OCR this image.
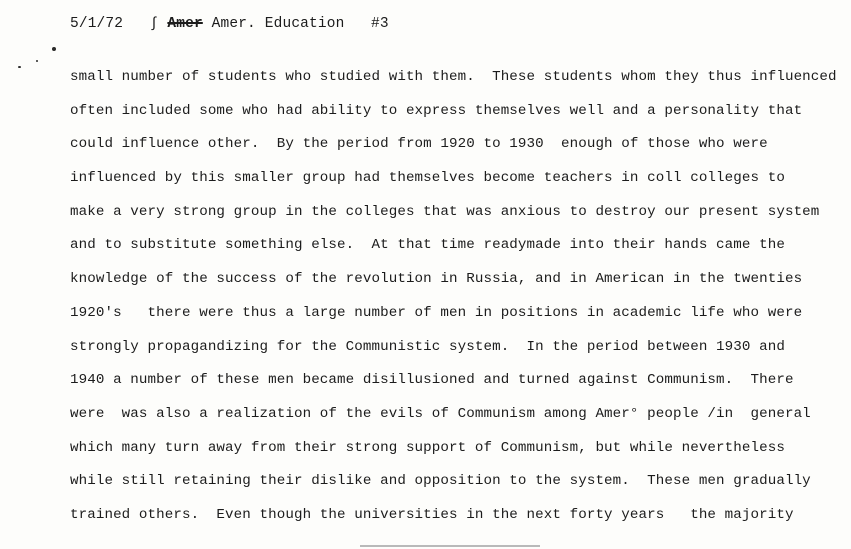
5/1/72 ∫ Amer Amer. Education #3
small number of students who studied with them.  These students whom they thus influenced
often included some who had ability to express themselves well and a personality that
could influence other.  By the period from 1920 to 1930  enough of those who were
influenced by this smaller group had themselves become teachers in coll colleges to
make a very strong group in the colleges that was anxious to destroy our present system
and to substitute something else.  At that time readymade into their hands came the
knowledge of the success of the revolution in Russia, and in American in the twenties
1920's   there were thus a large number of men in positions in academic life who were
strongly propagandizing for the Communistic system.  In the period between 1930 and
1940 a number of these men became disillusioned and turned against Communism.  There
were  was also a realization of the evils of Communism among Amer° people /in  general
which many turn away from their strong support of Communism, but while nevertheless
while still retaining their dislike and opposition to the system.  These men gradually
trained others.  Even though the universities in the next forty years   the majority
